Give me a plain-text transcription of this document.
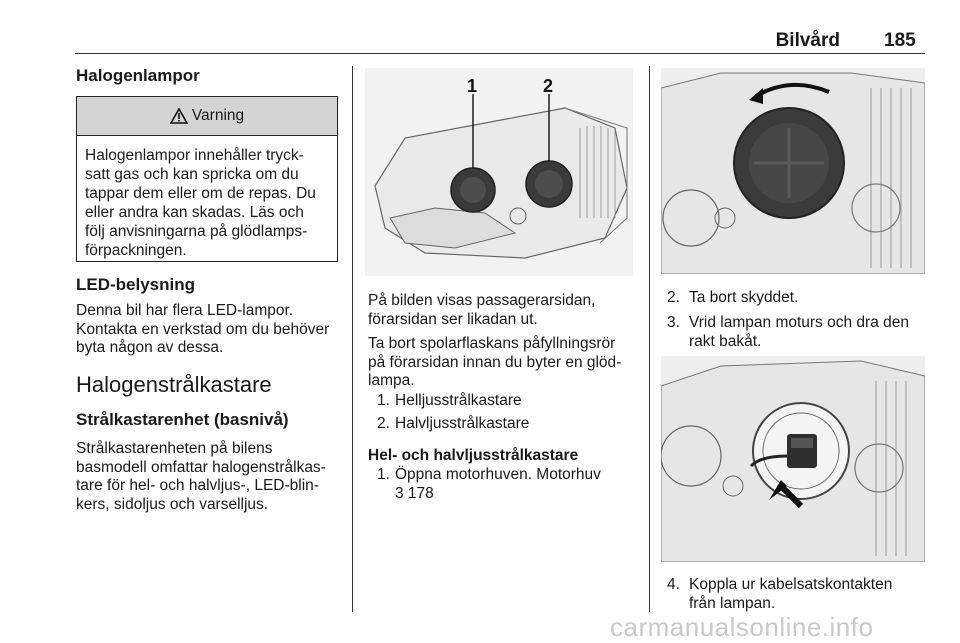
Bilvård 185
Halogenlampor
Varning
Halogenlampor innehåller tryck-
satt gas och kan spricka om du
tappar dem eller om de repas. Du
eller andra kan skadas. Läs och
följ anvisningarna på glödlamps-
förpackningen.
LED-belysning
Denna bil har flera LED-lampor.
Kontakta en verkstad om du behöver
byta någon av dessa.
Halogenstrålkastare
Strålkastarenhet (basnivå)
Strålkastarenheten på bilens
basmodell omfattar halogenstrålkas-
tare för hel- och halvljus-, LED-blin-
kers, sidoljus och varselljus.
1	2
På bilden visas passagerarsidan,
förarsidan ser likadan ut.
Ta bort spolarflaskans påfyllningsrör
på förarsidan innan du byter en glöd-
lampa.
1. Helljusstrålkastare
2. Halvljusstrålkastare
Hel- och halvljusstrålkastare
1. Öppna motorhuven. Motorhuv
3 178
2. Ta bort skyddet.
3. Vrid lampan moturs och dra den
rakt bakåt.
4. Koppla ur kabelsatskontakten
från lampan.
carmanualsonline.info
